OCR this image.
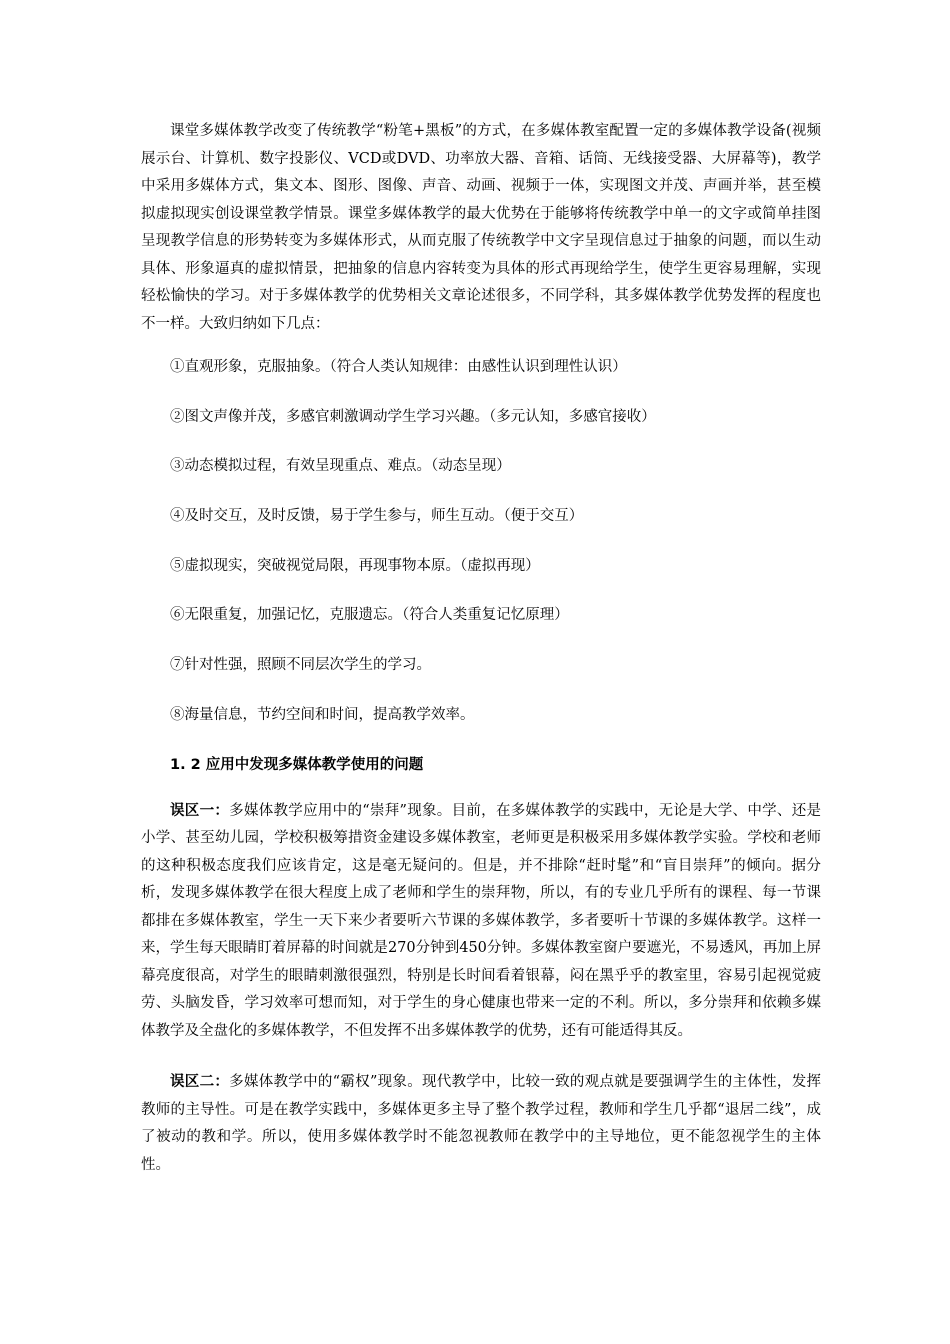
课堂多媒体教学改变了传统教学“粉笔+黑板”的方式，在多媒体教室配置一定的多媒体教学设备(视频展示台、计算机、数字投影仪、VCD或DVD、功率放大器、音箱、话筒、无线接受器、大屏幕等)，教学中采用多媒体方式，集文本、图形、图像、声音、动画、视频于一体，实现图文并茂、声画并举，甚至模拟虚拟现实创设课堂教学情景。课堂多媒体教学的最大优势在于能够将传统教学中单一的文字或简单挂图呈现教学信息的形势转变为多媒体形式，从而克服了传统教学中文字呈现信息过于抽象的问题，而以生动具体、形象逼真的虚拟情景，把抽象的信息内容转变为具体的形式再现给学生，使学生更容易理解，实现轻松愉快的学习。对于多媒体教学的优势相关文章论述很多，不同学科，其多媒体教学优势发挥的程度也不一样。大致归纳如下几点：

①直观形象，克服抽象。（符合人类认知规律：由感性认识到理性认识）

②图文声像并茂，多感官刺激调动学生学习兴趣。（多元认知，多感官接收）

③动态模拟过程，有效呈现重点、难点。（动态呈现）

④及时交互，及时反馈，易于学生参与，师生互动。（便于交互）

⑤虚拟现实，突破视觉局限，再现事物本原。（虚拟再现）

⑥无限重复，加强记忆，克服遗忘。（符合人类重复记忆原理）

⑦针对性强，照顾不同层次学生的学习。

⑧海量信息，节约空间和时间，提高教学效率。

1. 2 应用中发现多媒体教学使用的问题

误区一：多媒体教学应用中的“崇拜”现象。目前，在多媒体教学的实践中，无论是大学、中学、还是小学、甚至幼儿园，学校积极筹措资金建设多媒体教室，老师更是积极采用多媒体教学实验。学校和老师的这种积极态度我们应该肯定，这是毫无疑问的。但是，并不排除“赶时髦”和“盲目崇拜”的倾向。据分析，发现多媒体教学在很大程度上成了老师和学生的崇拜物，所以，有的专业几乎所有的课程、每一节课都排在多媒体教室，学生一天下来少者要听六节课的多媒体教学，多者要听十节课的多媒体教学。这样一来，学生每天眼睛盯着屏幕的时间就是270分钟到450分钟。多媒体教室窗户要遮光，不易透风，再加上屏幕亮度很高，对学生的眼睛刺激很强烈，特别是长时间看着银幕，闷在黑乎乎的教室里，容易引起视觉疲劳、头脑发昏，学习效率可想而知，对于学生的身心健康也带来一定的不利。所以，多分崇拜和依赖多媒体教学及全盘化的多媒体教学，不但发挥不出多媒体教学的优势，还有可能适得其反。

误区二：多媒体教学中的“霸权”现象。现代教学中，比较一致的观点就是要强调学生的主体性，发挥教师的主导性。可是在教学实践中，多媒体更多主导了整个教学过程，教师和学生几乎都“退居二线”，成了被动的教和学。所以，使用多媒体教学时不能忽视教师在教学中的主导地位，更不能忽视学生的主体性。
